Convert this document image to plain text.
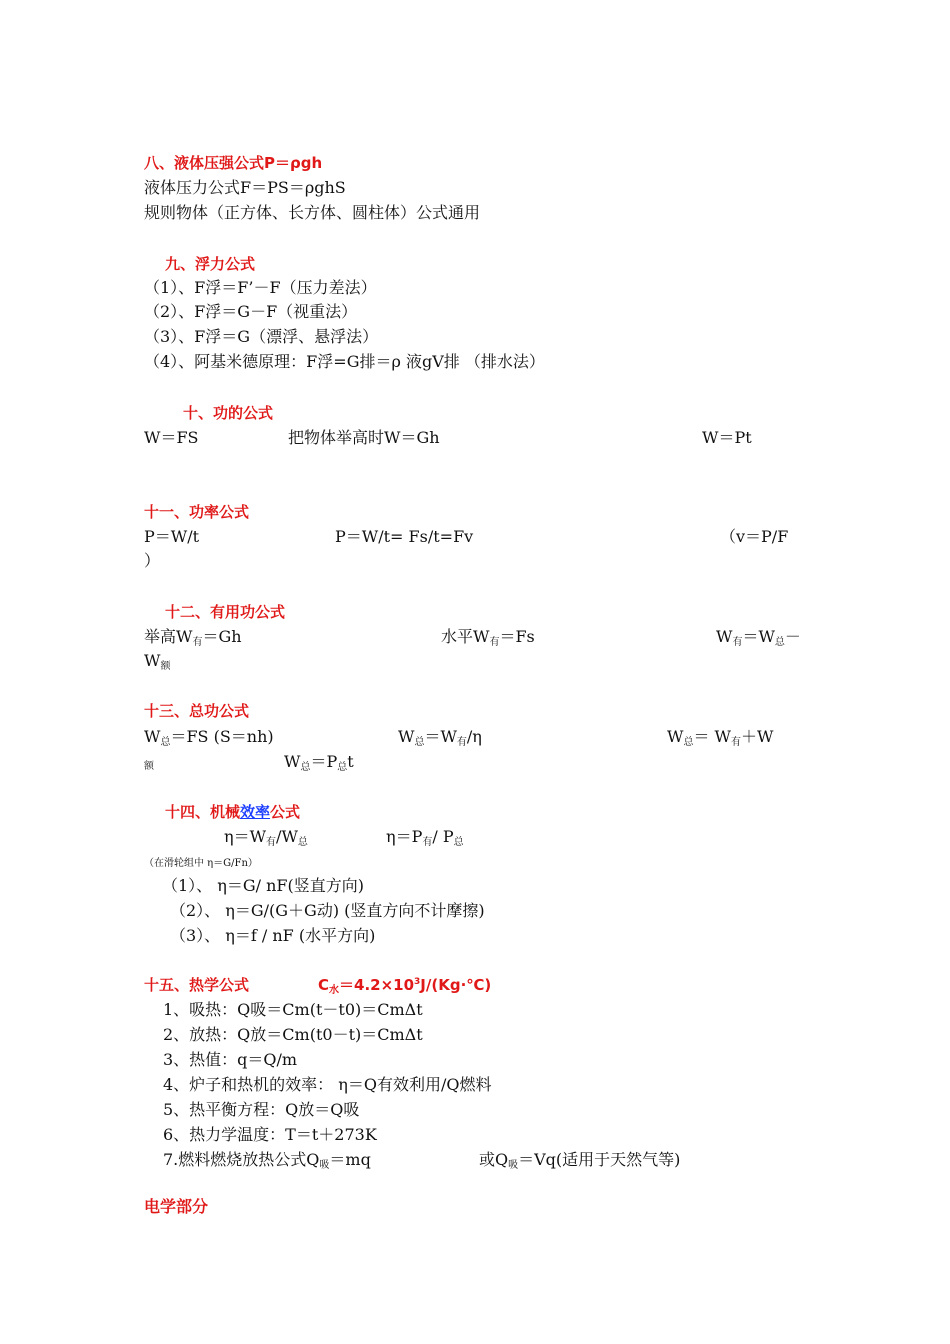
八、液体压强公式P＝ρgh
液体压力公式F＝PS＝ρghS
规则物体（正方体、长方体、圆柱体）公式通用
九、浮力公式
（1）、F浮＝F’－F（压力差法）
（2）、F浮＝G－F（视重法）
（3）、F浮＝G（漂浮、悬浮法）
（4）、阿基米德原理：F浮=G排＝ρ 液gV排 （排水法）
十、功的公式
W＝FS	把物体举高时W＝Gh	W＝Pt
十一、功率公式
P＝W/t	P＝W/t= Fs/t=Fv	（v＝P/F
）
十二、有用功公式
举高W有＝Gh	水平W有＝Fs	W有＝W总－
W额
十三、总功公式
W总＝FS (S＝nh)	W总＝W有/η	W总＝ W有＋W
额	W总＝P总t
十四、机械效率公式
η＝W有/W总	η＝P有/ P总
（在滑轮组中 η＝G/Fn）
（1）、 η＝G/ nF(竖直方向)
（2）、 η＝G/(G＋G动) (竖直方向不计摩擦)
（3）、 η＝f / nF (水平方向)
十五、热学公式	$C_水=4.2\times 10^3J/(Kg\cdot℃)$
1、吸热：Q吸＝Cm(t－t0)＝CmΔt
2、放热：Q放＝Cm(t0－t)＝CmΔt
3、热值：q＝Q/m
4、炉子和热机的效率： η＝Q有效利用/Q燃料
5、热平衡方程：Q放＝Q吸
6、热力学温度：T＝t＋273K
7.燃料燃烧放热公式Q吸＝mq	或Q吸＝Vq(适用于天然气等)
电学部分
